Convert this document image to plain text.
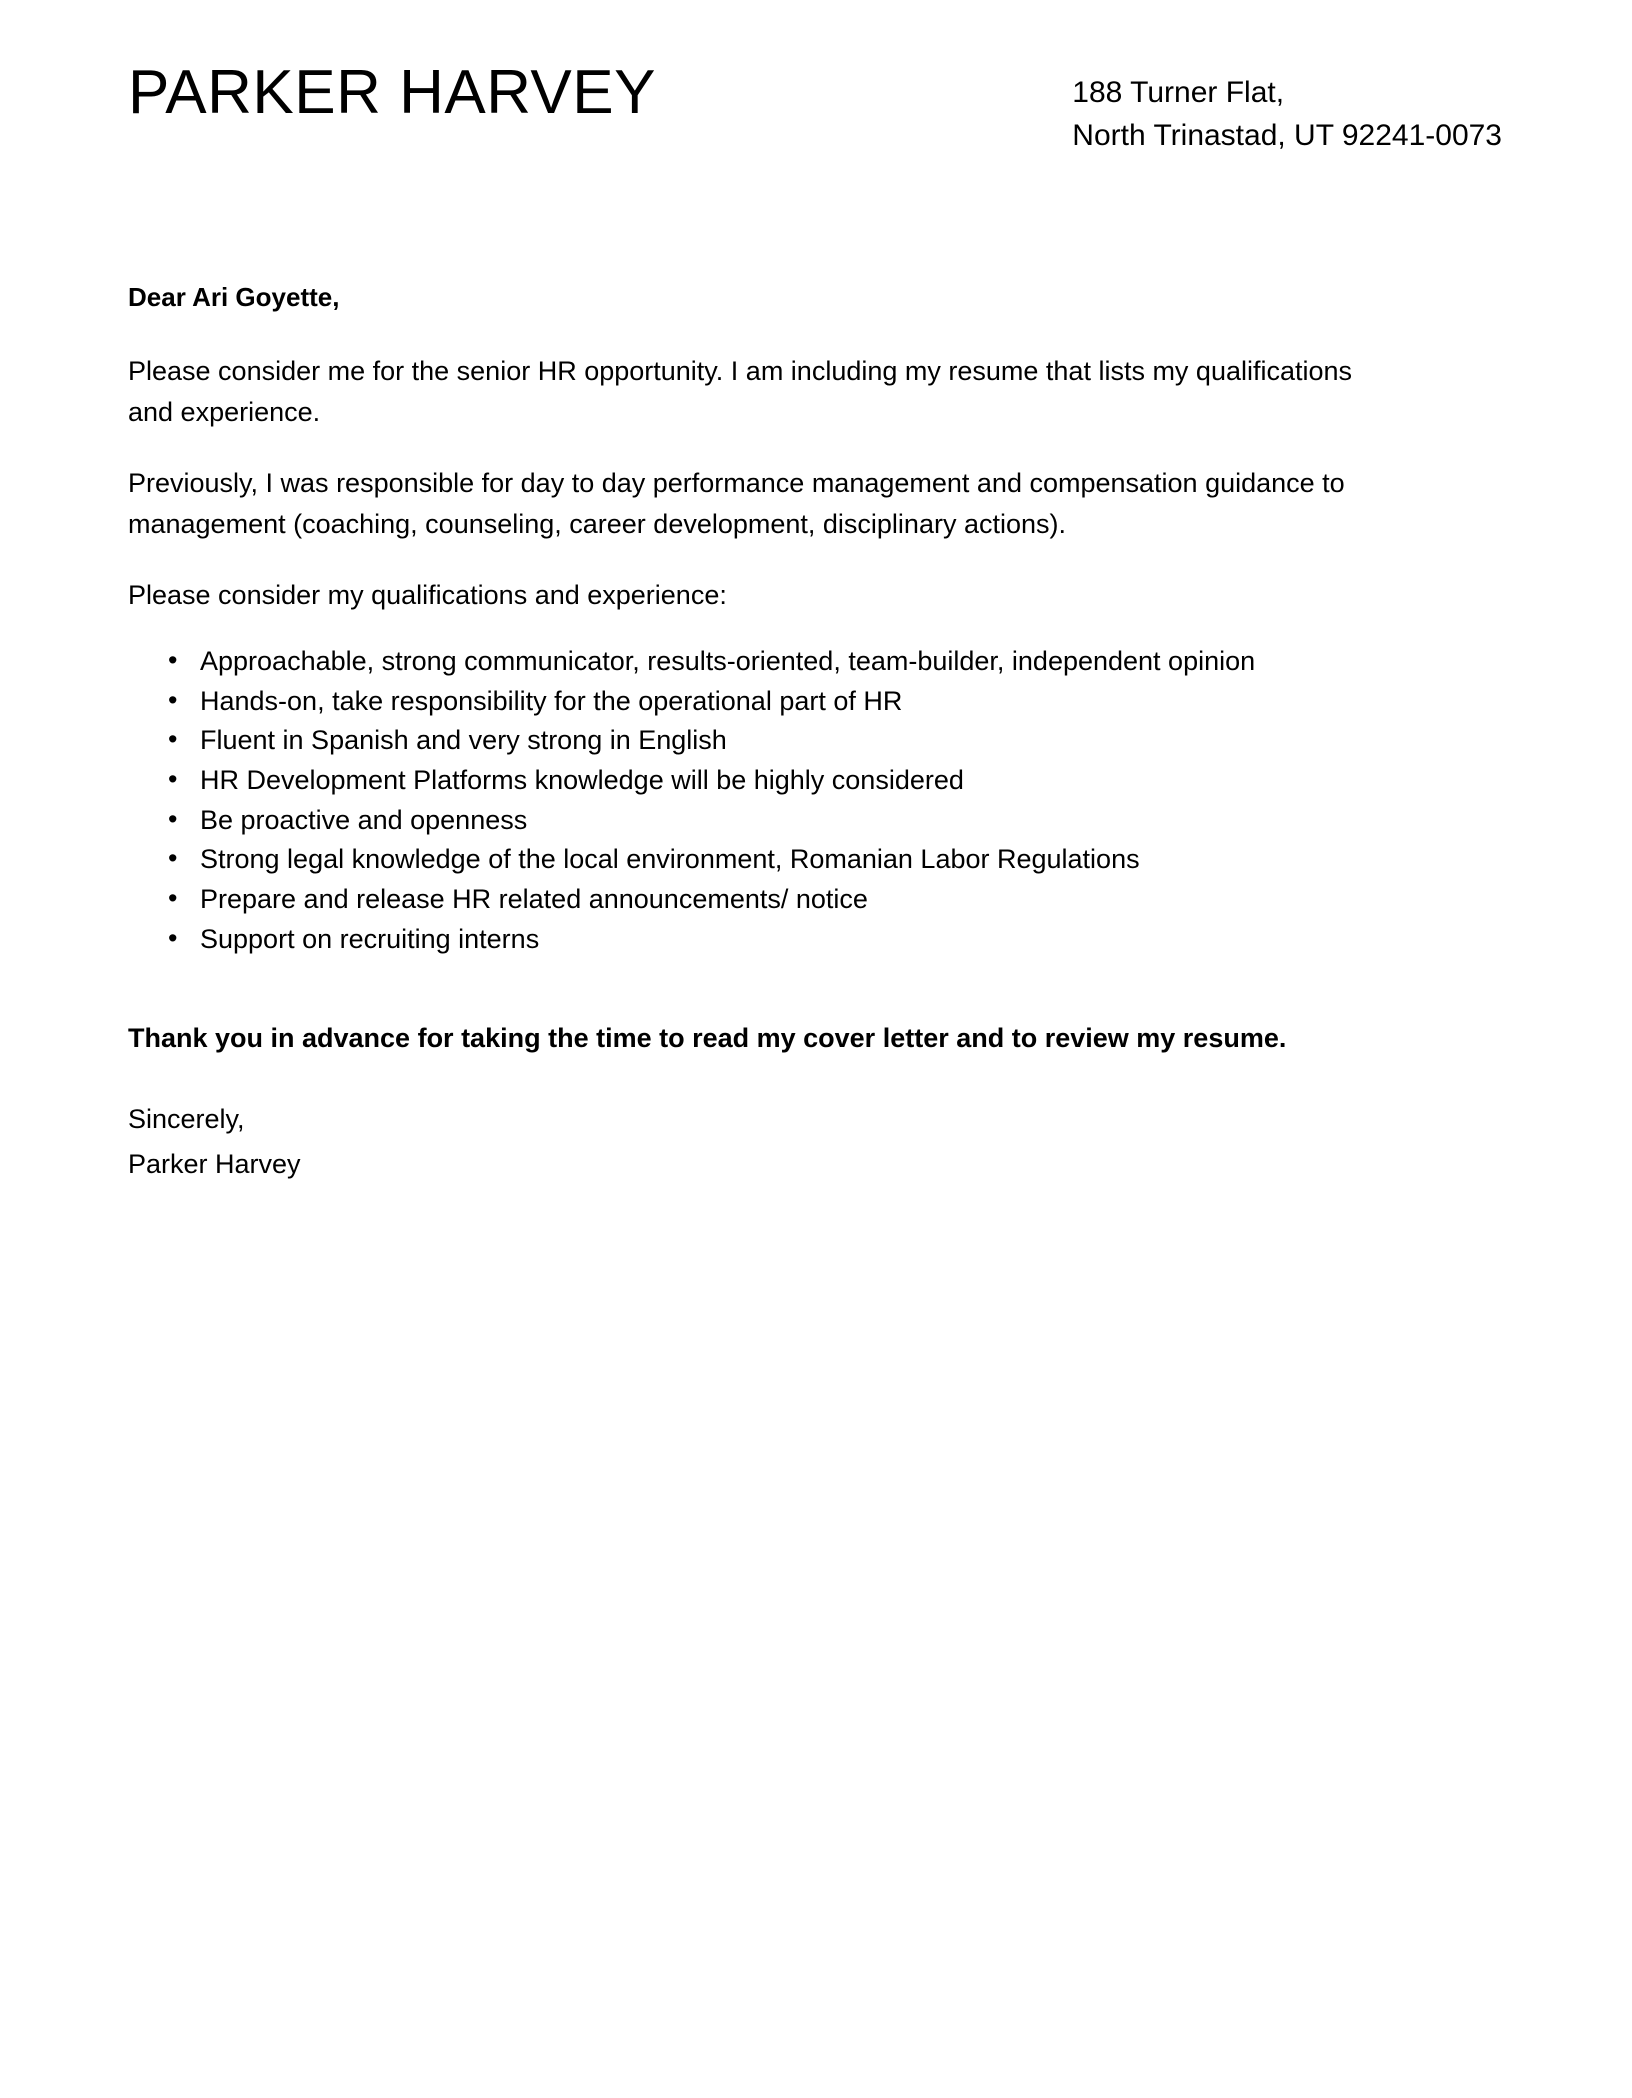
PARKER HARVEY	188 Turner Flat,
North Trinastad, UT 92241-0073

Dear Ari Goyette,

Please consider me for the senior HR opportunity. I am including my resume that lists my qualifications and experience.

Previously, I was responsible for day to day performance management and compensation guidance to management (coaching, counseling, career development, disciplinary actions).

Please consider my qualifications and experience:

• Approachable, strong communicator, results-oriented, team-builder, independent opinion
• Hands-on, take responsibility for the operational part of HR
• Fluent in Spanish and very strong in English
• HR Development Platforms knowledge will be highly considered
• Be proactive and openness
• Strong legal knowledge of the local environment, Romanian Labor Regulations
• Prepare and release HR related announcements/ notice
• Support on recruiting interns

Thank you in advance for taking the time to read my cover letter and to review my resume.

Sincerely,
Parker Harvey
